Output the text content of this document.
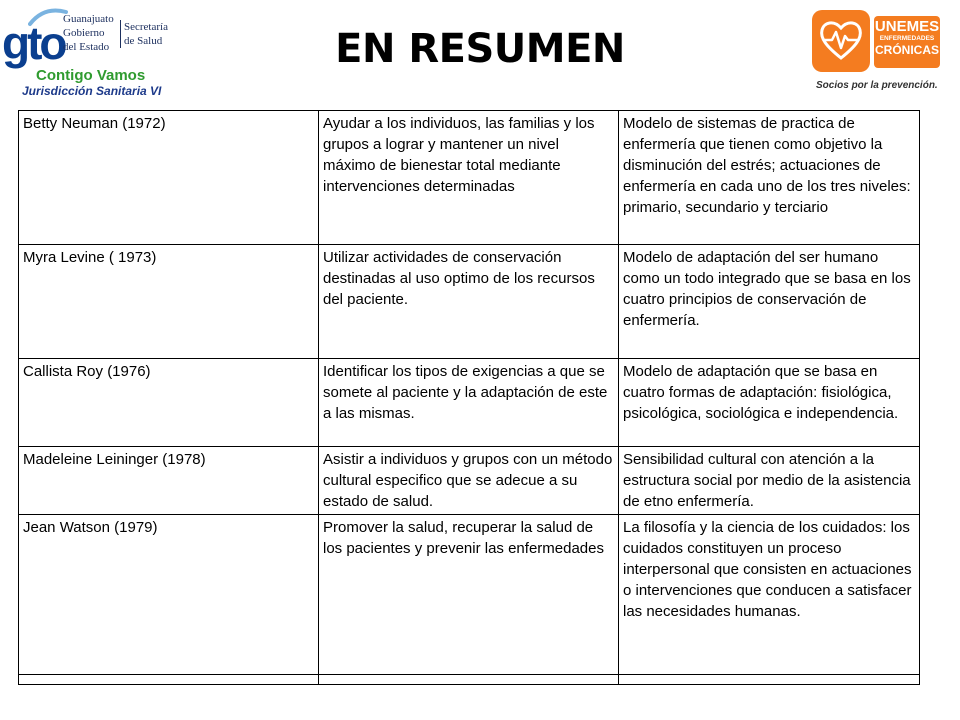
gto
Guanajuato
Gobierno
del Estado
Secretaría
de Salud
Contigo Vamos
Jurisdicción Sanitaria VI
EN RESUMEN	UNEMES
ENFERMEDADES
CRÓNICAS
Socios por la prevención.
Betty Neuman (1972)	Ayudar a los individuos, las familias y los grupos a lograr y mantener un nivel máximo de bienestar total mediante intervenciones determinadas	Modelo de sistemas de practica de enfermería que tienen como objetivo la disminución del estrés; actuaciones de enfermería en cada uno de los tres niveles: primario, secundario y terciario
Myra Levine ( 1973)	Utilizar actividades de conservación destinadas al uso optimo de los recursos del paciente.	Modelo de adaptación del ser humano como un todo integrado que se basa en los cuatro principios de conservación de enfermería.
Callista Roy (1976)	Identificar los tipos de exigencias a que se somete al paciente y la adaptación de este a las mismas.	Modelo de adaptación que se basa en cuatro formas de adaptación: fisiológica, psicológica, sociológica e independencia.
Madeleine Leininger (1978)	Asistir a individuos y grupos con un método cultural especifico que se adecue a su estado de salud.	Sensibilidad cultural con atención a la estructura social por medio de la asistencia de etno enfermería.
Jean Watson (1979)	Promover la salud, recuperar la salud de los pacientes y prevenir las enfermedades	La filosofía y la ciencia de los cuidados: los cuidados constituyen un proceso interpersonal que consisten en actuaciones o intervenciones que conducen a satisfacer las necesidades humanas.
